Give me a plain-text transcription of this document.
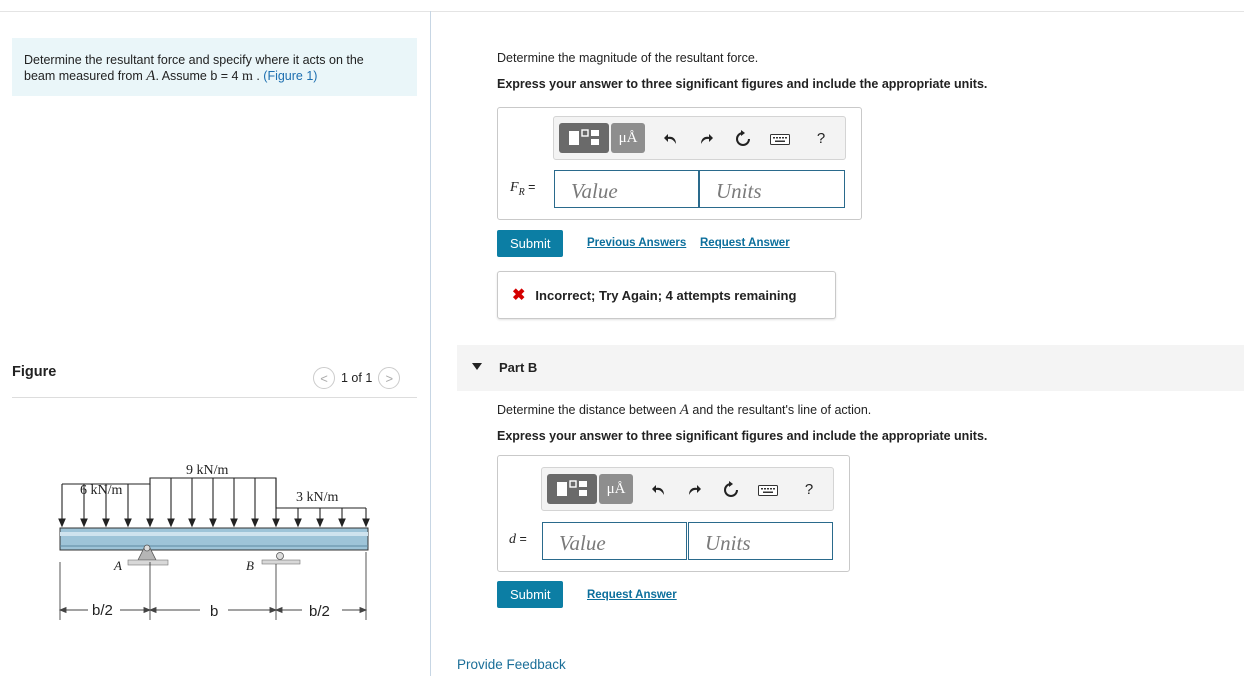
Determine the resultant force and specify where it acts on the
beam measured from A. Assume b = 4 m . (Figure 1)
Figure	<	1 of 1	>
A	B
6 kN/m
9 kN/m
3 kN/m
b/2	b	b/2
Determine the magnitude of the resultant force.
Express your answer to three significant figures and include the appropriate units.
μÅ	?
$F_R$ =
Value
Units
Submit	Previous Answers Request Answer
✖ Incorrect; Try Again; 4 attempts remaining
Part B
Determine the distance between A and the resultant's line of action.
Express your answer to three significant figures and include the appropriate units.
μÅ	?
d =
Value
Units
Submit	Request Answer
Provide Feedback
